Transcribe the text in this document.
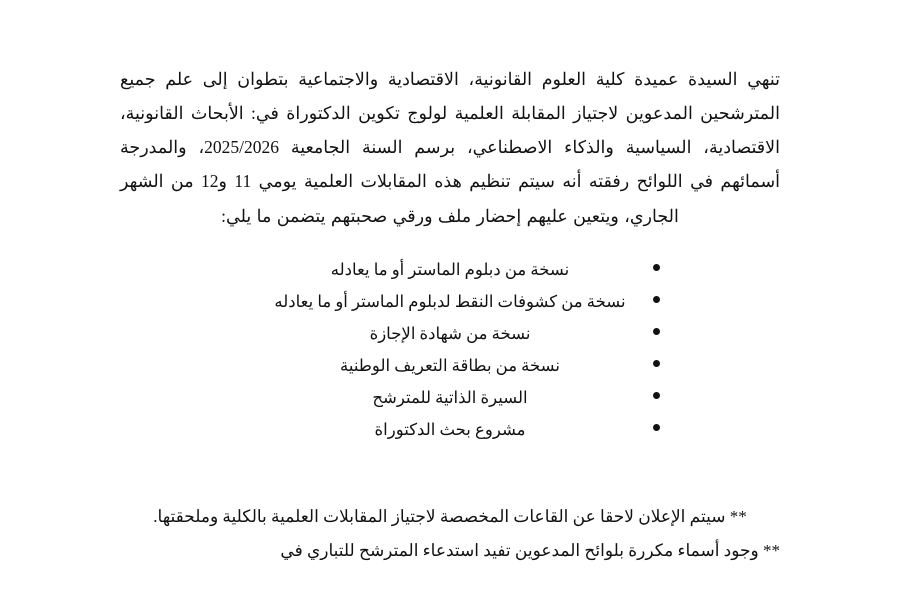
تنهي السيدة عميدة كلية العلوم القانونية، الاقتصادية والاجتماعية بتطوان إلى علم جميع المترشحين المدعوين لاجتياز المقابلة العلمية لولوج تكوين الدكتوراة في: الأبحاث القانونية، الاقتصادية، السياسية والذكاء الاصطناعي، برسم السنة الجامعية 2025/2026، والمدرجة أسمائهم في اللوائح رفقته أنه سيتم تنظيم هذه المقابلات العلمية يومي 11 و12 من الشهر الجاري، ويتعين عليهم إحضار ملف ورقي صحبتهم يتضمن ما يلي:

نسخة من دبلوم الماستر أو ما يعادله
نسخة من كشوفات النقط لدبلوم الماستر أو ما يعادله
نسخة من شهادة الإجازة
نسخة من بطاقة التعريف الوطنية
السيرة الذاتية للمترشح
مشروع بحث الدكتوراة

** سيتم الإعلان لاحقا عن القاعات المخصصة لاجتياز المقابلات العلمية بالكلية وملحقتها.

** وجود أسماء مكررة بلوائح المدعوين تفيد استدعاء المترشح للتباري في
